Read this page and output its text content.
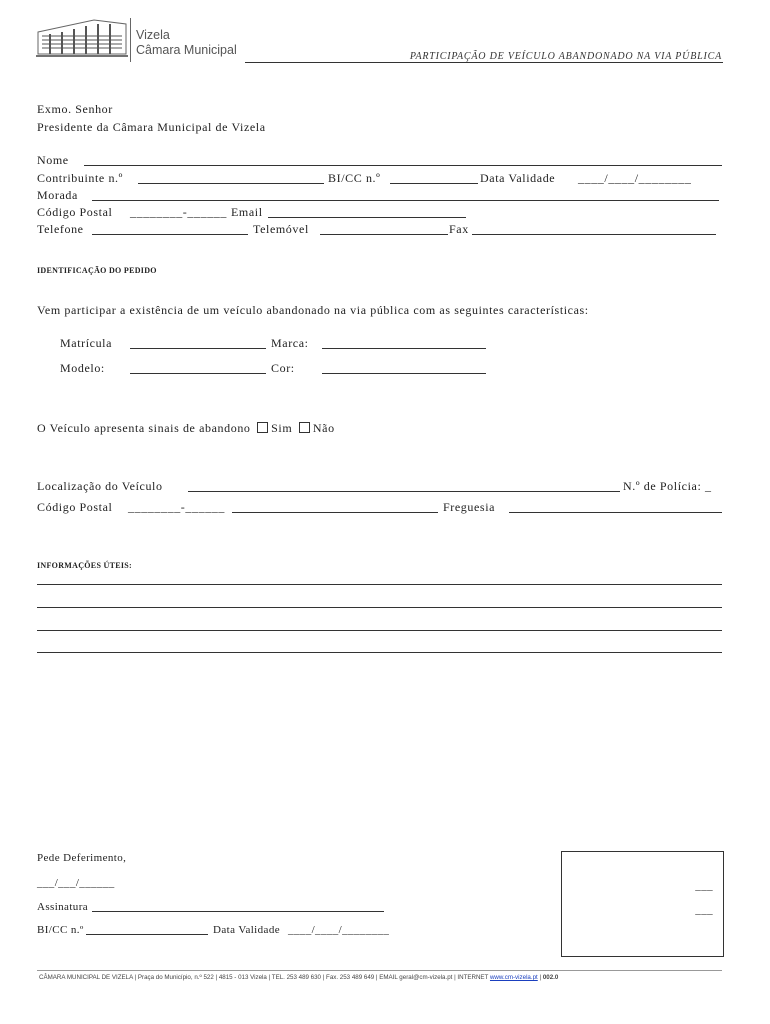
Vizela
Câmara Municipal	PARTICIPAÇÃO DE VEÍCULO ABANDONADO NA VIA PÚBLICA
Exmo. Senhor
Presidente da Câmara Municipal de Vizela
Nome
Contribuinte n.º	BI/CC n.º	Data Validade ____/____/________
Morada
Código Postal ________-______ Email
Telefone	Telemóvel	Fax
IDENTIFICAÇÃO DO PEDIDO
Vem participar a existência de um veículo abandonado na via pública com as seguintes características:
Matrícula	Marca:
Modelo:	Cor:
O Veículo apresenta sinais de abandono Sim Não
Localização do Veículo	N.º de Polícia: _
Código Postal ________-______	Freguesia
INFORMAÇÕES ÚTEIS:
Pede Deferimento,
___/___/______
Assinatura
BI/CC n.º	Data Validade ____/____/________
___
___
CÂMARA MUNICIPAL DE VIZELA | Praça do Município, n.º 522 | 4815 - 013 Vizela | TEL. 253 489 630 | Fax. 253 489 649 | EMAIL geral@cm-vizela.pt | INTERNET www.cm-vizela.pt | 002.0
